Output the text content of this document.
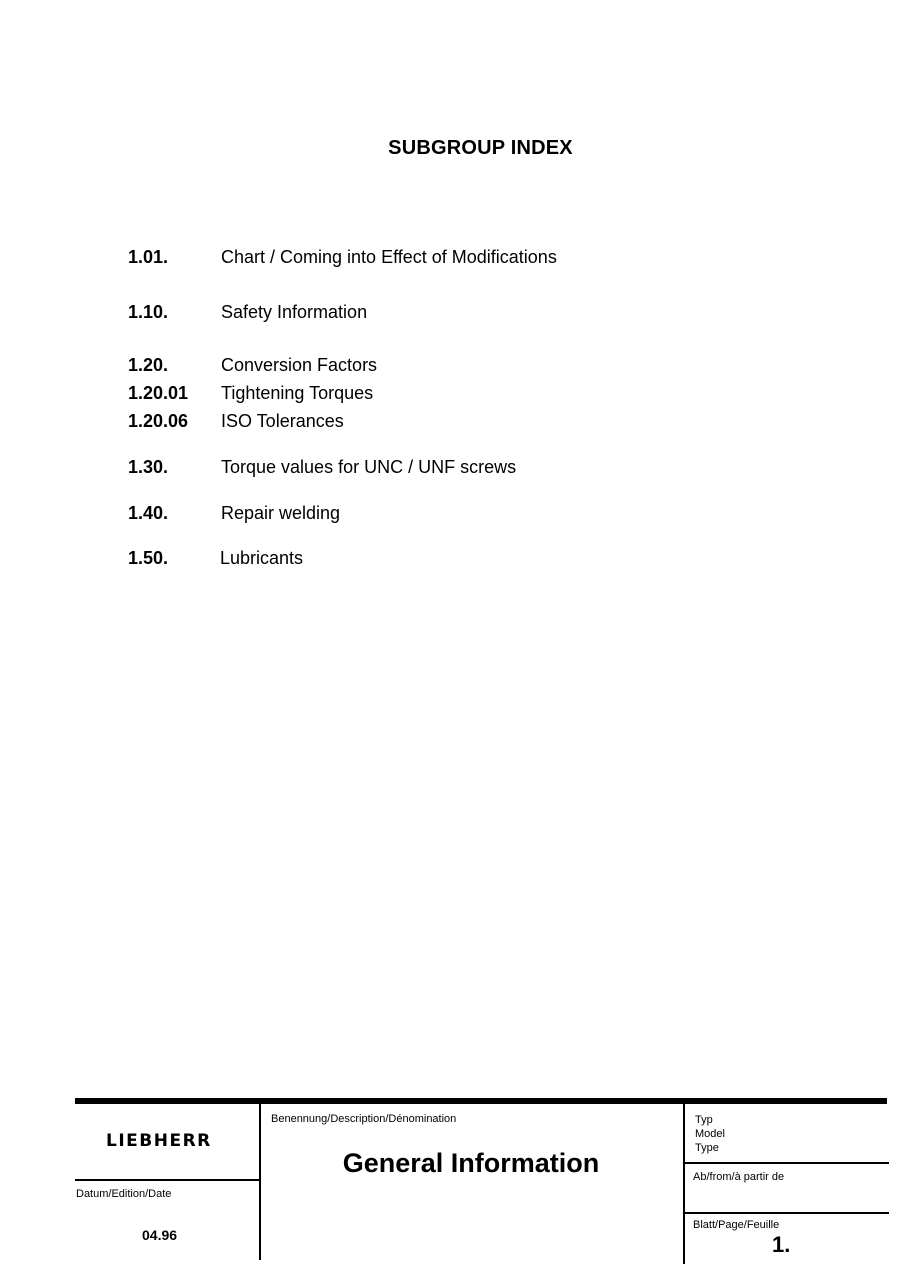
SUBGROUP INDEX
1.01.	Chart / Coming into Effect of Modifications
1.10.	Safety Information
1.20.	Conversion Factors
1.20.01 Tightening Torques
1.20.06 ISO Tolerances
1.30.	Torque values for UNC / UNF screws
1.40.	Repair welding
1.50.	Lubricants
LIEBHERR
Datum/Edition/Date
04.96
Benennung/Description/Dénomination
General Information
Typ
Model
Type
Ab/from/à partir de
Blatt/Page/Feuille
1.
